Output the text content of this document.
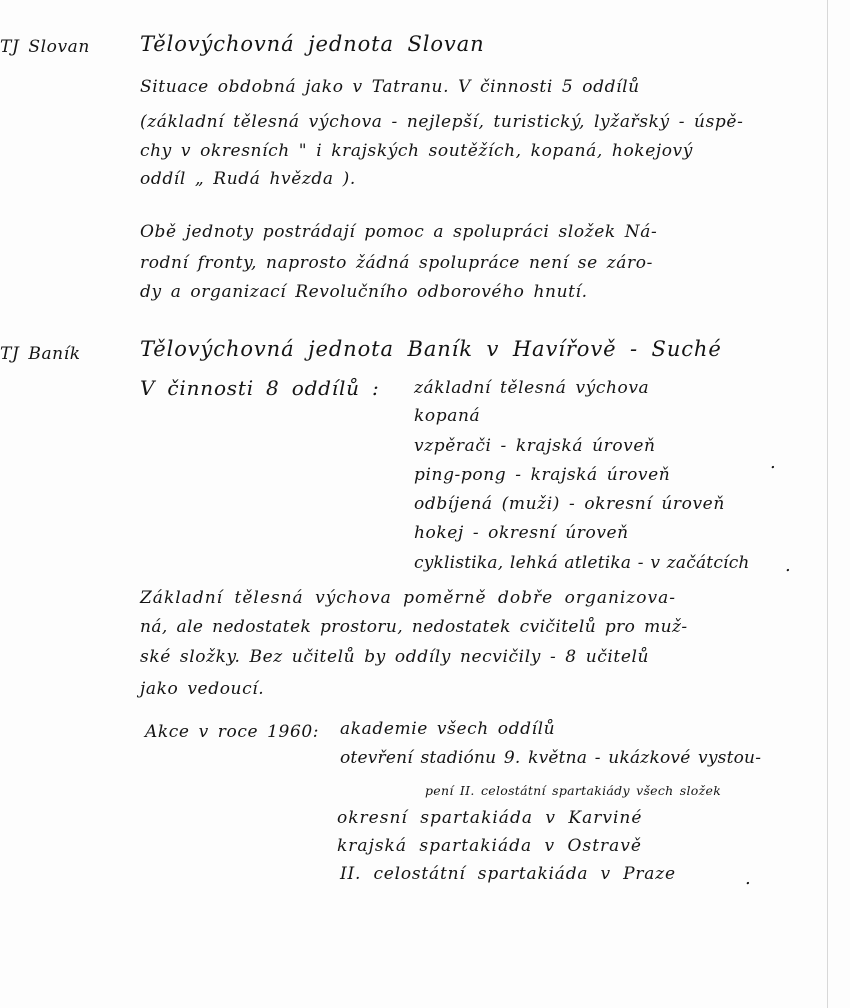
TJ Slovan Tělovýchovná jednota Slovan
Situace obdobná jako v Tatranu. V činnosti 5 oddílů
(základní tělesná výchova - nejlepší, turistický, lyžařský - úspě-
chy v okresních " i krajských soutěžích, kopaná, hokejový
oddíl „ Rudá hvězda ).
Obě jednoty postrádají pomoc a spolupráci složek Ná-
rodní fronty, naprosto žádná spolupráce není se záro-
dy a organizací Revolučního odborového hnutí.
TJ Baník	Tělovýchovná jednota Baník v Havířově - Suché
V činnosti 8 oddílů : základní tělesná výchova
kopaná
vzpěrači - krajská úroveň
ping-pong - krajská úroveň
odbíjená (muži) - okresní úroveň
hokej - okresní úroveň
cyklistika, lehká atletika - v začátcích
Základní tělesná výchova poměrně dobře organizova-
ná, ale nedostatek prostoru, nedostatek cvičitelů pro muž-
ské složky. Bez učitelů by oddíly necvičily - 8 učitelů
jako vedoucí.
Akce v roce 1960: akademie všech oddílů
otevření stadiónu 9. května - ukázkové vystou-
pení II. celostátní spartakiády všech složek
okresní spartakiáda v Karviné
krajská spartakiáda v Ostravě
II. celostátní spartakiáda v Praze
.
.
.
